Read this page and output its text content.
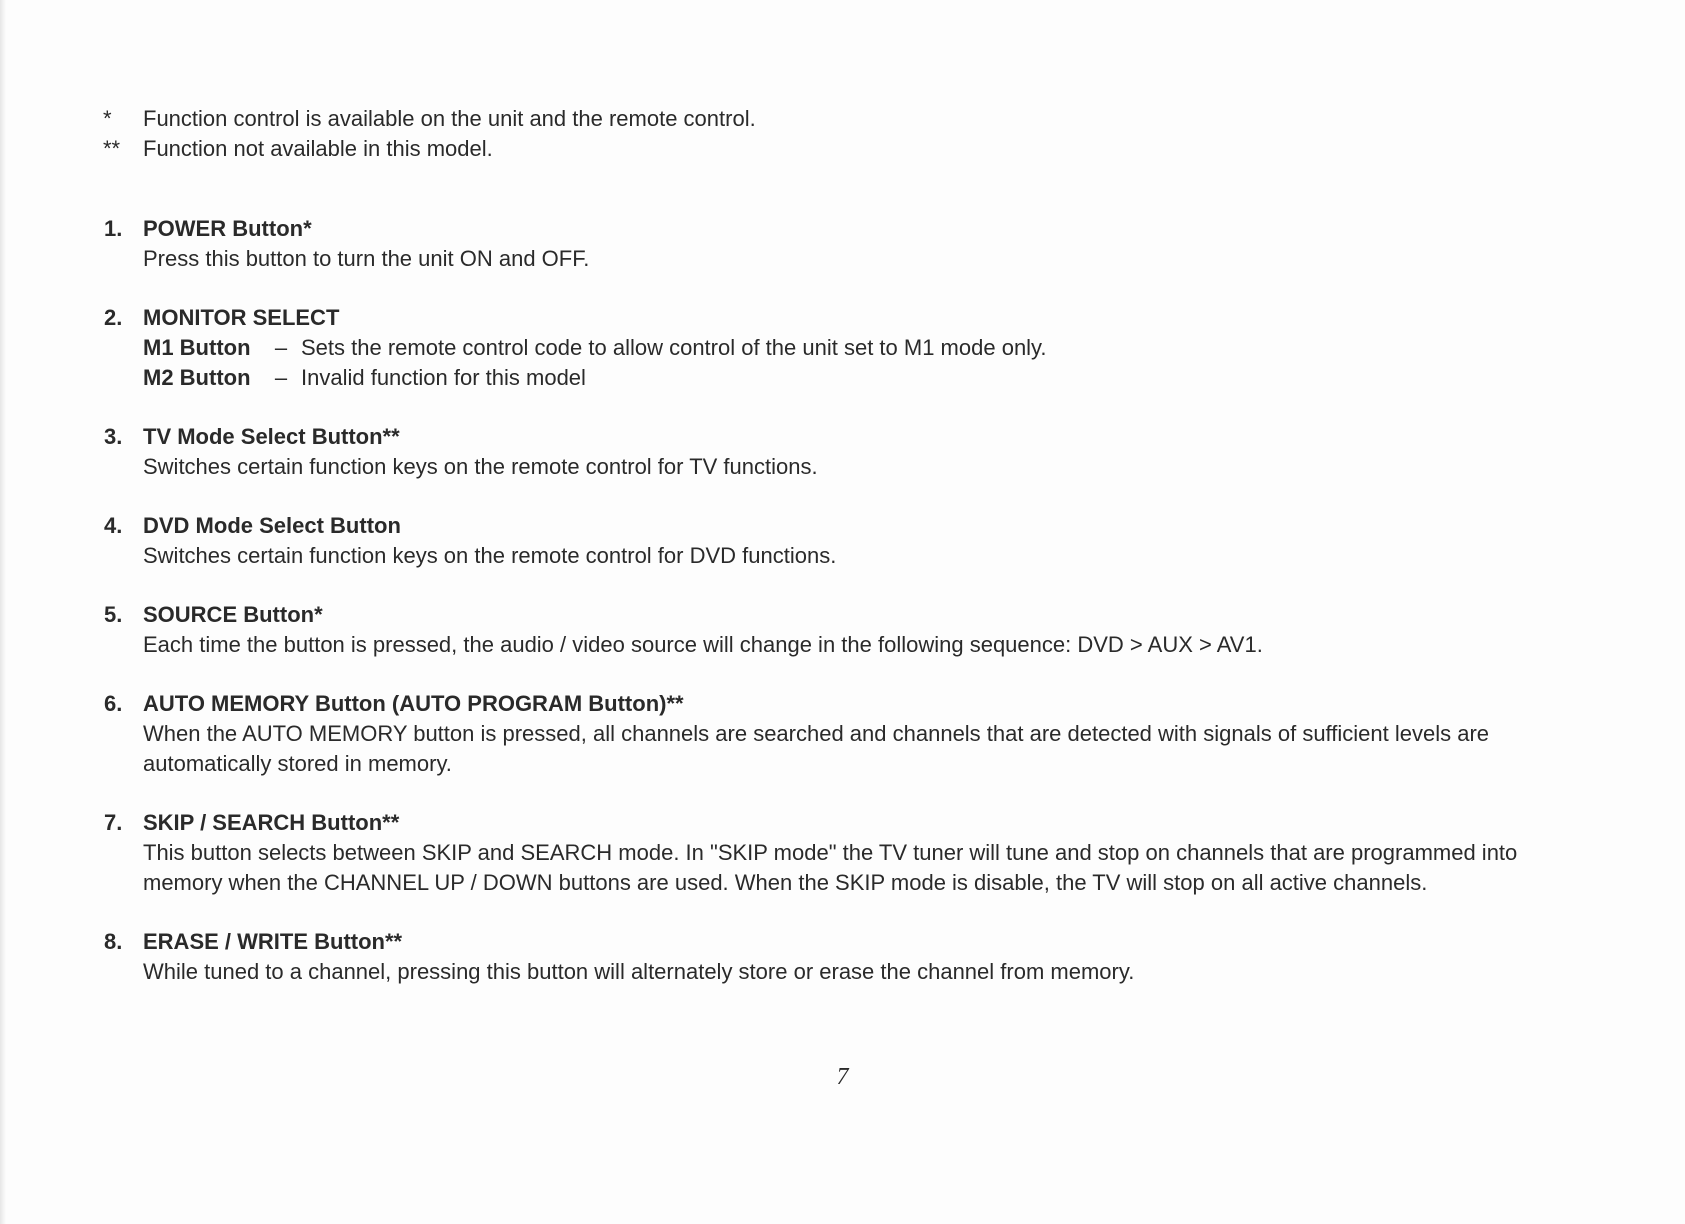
*	Function control is available on the unit and the remote control.
**	Function not available in this model.
1. POWER Button*
Press this button to turn the unit ON and OFF.
2. MONITOR SELECT
M1 Button	– Sets the remote control code to allow control of the unit set to M1 mode only.
M2 Button	– Invalid function for this model
3. TV Mode Select Button**
Switches certain function keys on the remote control for TV functions.
4. DVD Mode Select Button
Switches certain function keys on the remote control for DVD functions.
5. SOURCE Button*
Each time the button is pressed, the audio / video source will change in the following sequence: DVD > AUX > AV1.
6. AUTO MEMORY Button (AUTO PROGRAM Button)**
When the AUTO MEMORY button is pressed, all channels are searched and channels that are detected with signals of sufficient levels are automatically stored in memory.
7. SKIP / SEARCH Button**
This button selects between SKIP and SEARCH mode. In "SKIP mode" the TV tuner will tune and stop on channels that are programmed into memory when the CHANNEL UP / DOWN buttons are used. When the SKIP mode is disable, the TV will stop on all active channels.
8. ERASE / WRITE Button**
While tuned to a channel, pressing this button will alternately store or erase the channel from memory.
7
